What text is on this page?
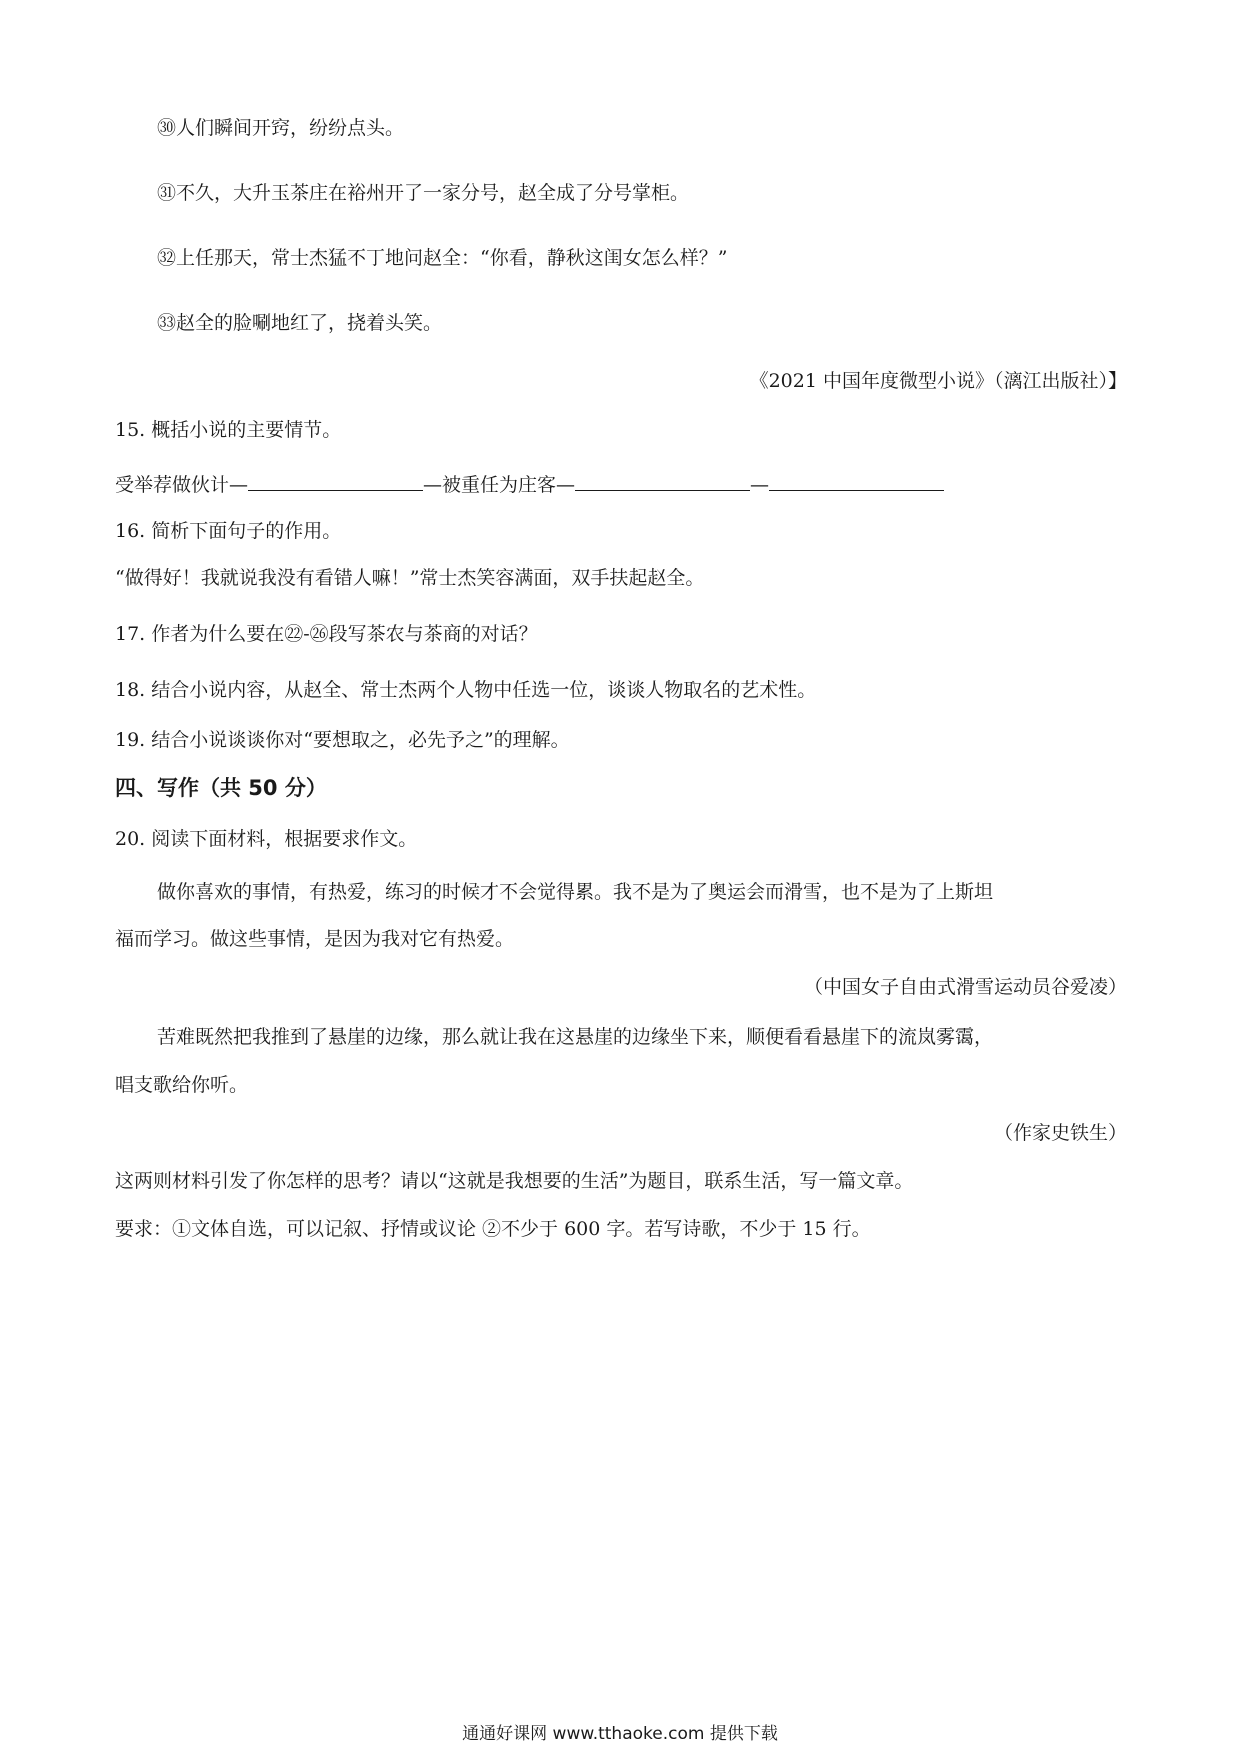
㉚人们瞬间开窍，纷纷点头。
㉛不久，大升玉茶庄在裕州开了一家分号，赵全成了分号掌柜。
㉜上任那天，常士杰猛不丁地问赵全：“你看，静秋这闺女怎么样？”
㉝赵全的脸唰地红了，挠着头笑。
《2021 中国年度微型小说》（漓江出版社）】
15. 概括小说的主要情节。
受举荐做伙计—	—被重任为庄客—	—
16. 简析下面句子的作用。
“做得好！我就说我没有看错人嘛！”常士杰笑容满面，双手扶起赵全。
17. 作者为什么要在㉒-㉖段写茶农与茶商的对话？
18. 结合小说内容，从赵全、常士杰两个人物中任选一位，谈谈人物取名的艺术性。
19. 结合小说谈谈你对“要想取之，必先予之”的理解。
四、写作（共 50 分）
20. 阅读下面材料，根据要求作文。
做你喜欢的事情，有热爱，练习的时候才不会觉得累。我不是为了奥运会而滑雪，也不是为了上斯坦
福而学习。做这些事情，是因为我对它有热爱。
（中国女子自由式滑雪运动员谷爱凌）
苦难既然把我推到了悬崖的边缘，那么就让我在这悬崖的边缘坐下来，顺便看看悬崖下的流岚雾霭，
唱支歌给你听。
（作家史铁生）
这两则材料引发了你怎样的思考？请以“这就是我想要的生活”为题目，联系生活，写一篇文章。
要求：①文体自选，可以记叙、抒情或议论 ②不少于 600 字。若写诗歌，不少于 15 行。
通通好课网 www.tthaoke.com 提供下载
